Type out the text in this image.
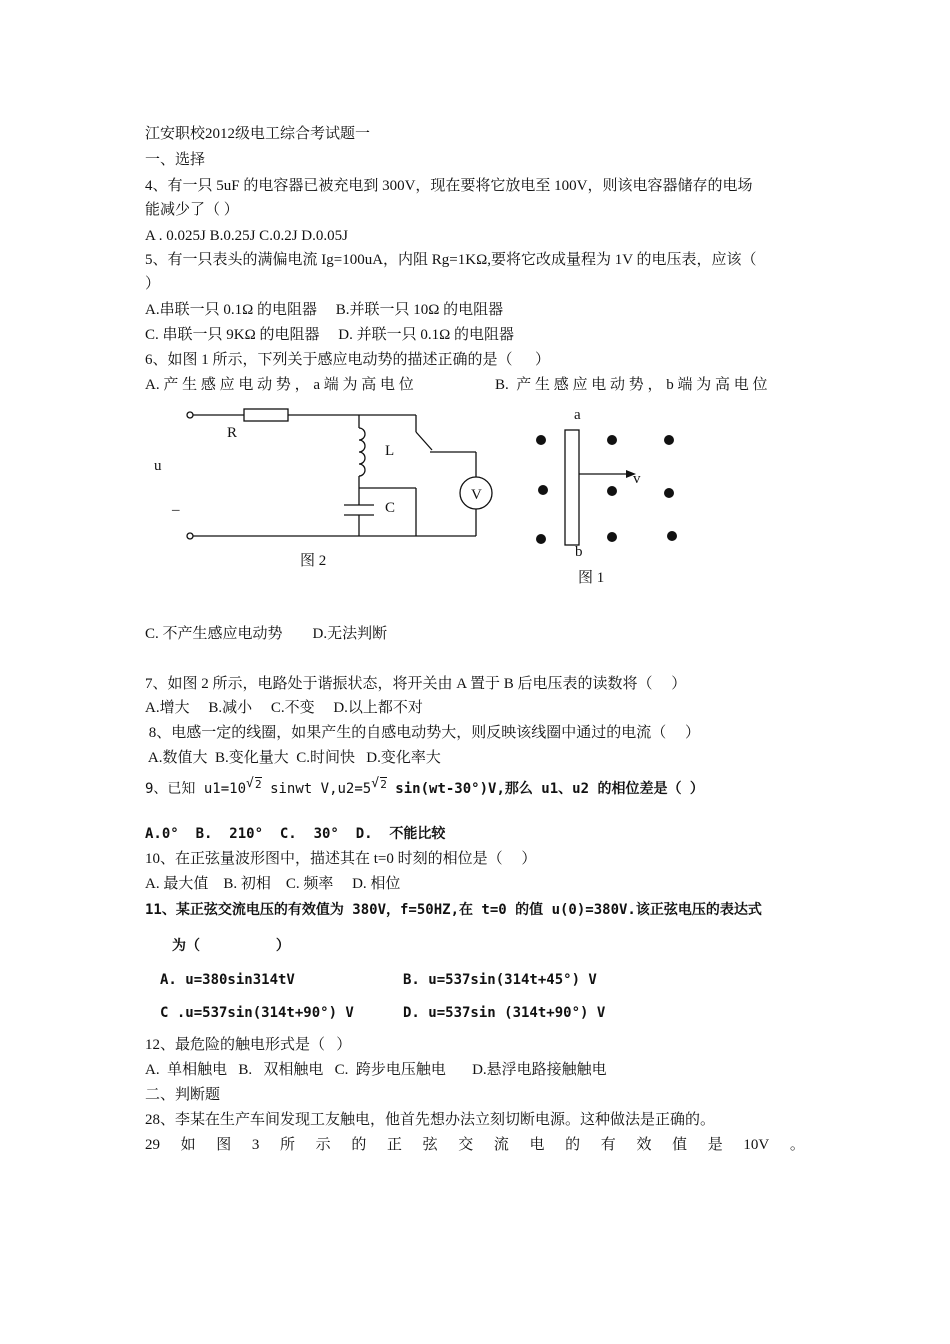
江安职校2012级电工综合考试题一
一、选择
4、有一只 5uF 的电容器已被充电到 300V，现在要将它放电至 100V，则该电容器储存的电场
能减少了（ ）
A . 0.025J B.0.25J C.0.2J D.0.05J
5、有一只表头的满偏电流 Ig=100uA，内阻 Rg=1KΩ,要将它改成量程为 1V 的电压表，应该（
）
A.串联一只 0.1Ω 的电阻器     B.并联一只 10Ω 的电阻器
C. 串联一只 9KΩ 的电阻器     D. 并联一只 0.1Ω 的电阻器
6、如图 1 所示，下列关于感应电动势的描述正确的是（      ）
A. 产 生 感 应 电 动 势 ， a 端 为 高 电 位	B.  产 生 感 应 电 动 势 ， b 端 为 高 电 位
R
L
C
u
–
V
图 2
a
b
v
图 1
C. 不产生感应电动势        D.无法判断
7、如图 2 所示，电路处于谐振状态，将开关由 A 置于 B 后电压表的读数将（     ）
A.增大     B.减小     C.不变     D.以上都不对
8、电感一定的线圈，如果产生的自感电动势大，则反映该线圈中通过的电流（     ）
A.数值大  B.变化量大  C.时间快   D.变化率大
9、已知 u1=10 √ 2 sinwt V,u2=5 √ 2 sin(wt-30°)V,那么 u1、u2 的相位差是（ ）
A.0°  B.  210°  C.  30°  D.  不能比较
10、在正弦量波形图中，描述其在 t=0 时刻的相位是（     ）
A. 最大值    B. 初相    C. 频率     D. 相位
11、某正弦交流电压的有效值为 380V，f=50HZ,在 t=0 的值 u(0)=380V.该正弦电压的表达式
为（         ）
A. u=380sin314tV	B. u=537sin(314t+45°) V
C .u=537sin(314t+90°) V	D. u=537sin (314t+90°) V
12、最危险的触电形式是（   ）
A.  单相触电   B.   双相触电   C.  跨步电压触电       D.悬浮电路接触触电
二、判断题
28、李某在生产车间发现工友触电，他首先想办法立刻切断电源。这种做法是正确的。
29 如 图 3 所 示 的 正 弦 交 流 电 的 有 效 值 是 10V 。
